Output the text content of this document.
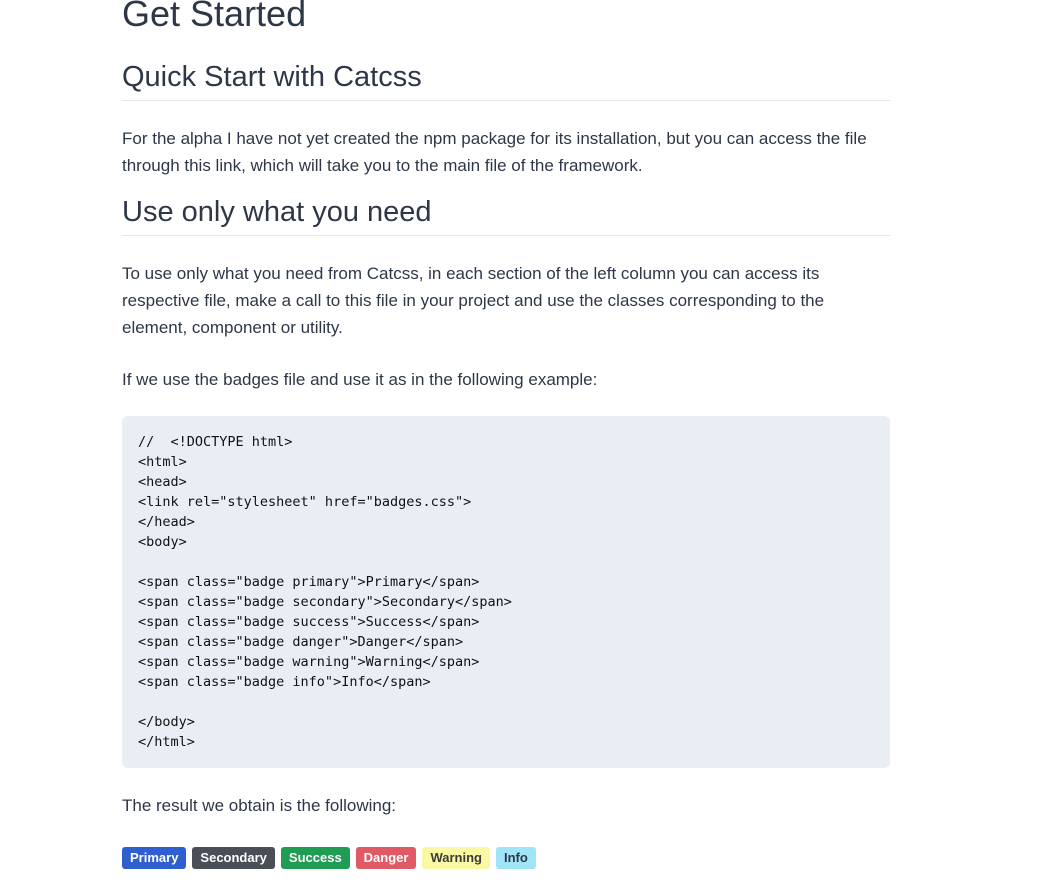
Get Started
Quick Start with Catcss

For the alpha I have not yet created the npm package for its installation, but you can access the file through this link, which will take you to the main file of the framework.

Use only what you need

To use only what you need from Catcss, in each section of the left column you can access its respective file, make a call to this file in your project and use the classes corresponding to the element, component or utility.

If we use the badges file and use it as in the following example:

//  <!DOCTYPE html>
<html>
<head>
<link rel="stylesheet" href="badges.css">
</head>
<body>

<span class="badge primary">Primary</span>
<span class="badge secondary">Secondary</span>
<span class="badge success">Success</span>
<span class="badge danger">Danger</span>
<span class="badge warning">Warning</span>
<span class="badge info">Info</span>

</body>
</html>

The result we obtain is the following:

Primary	Secondary	Success	Danger	Warning	Info
